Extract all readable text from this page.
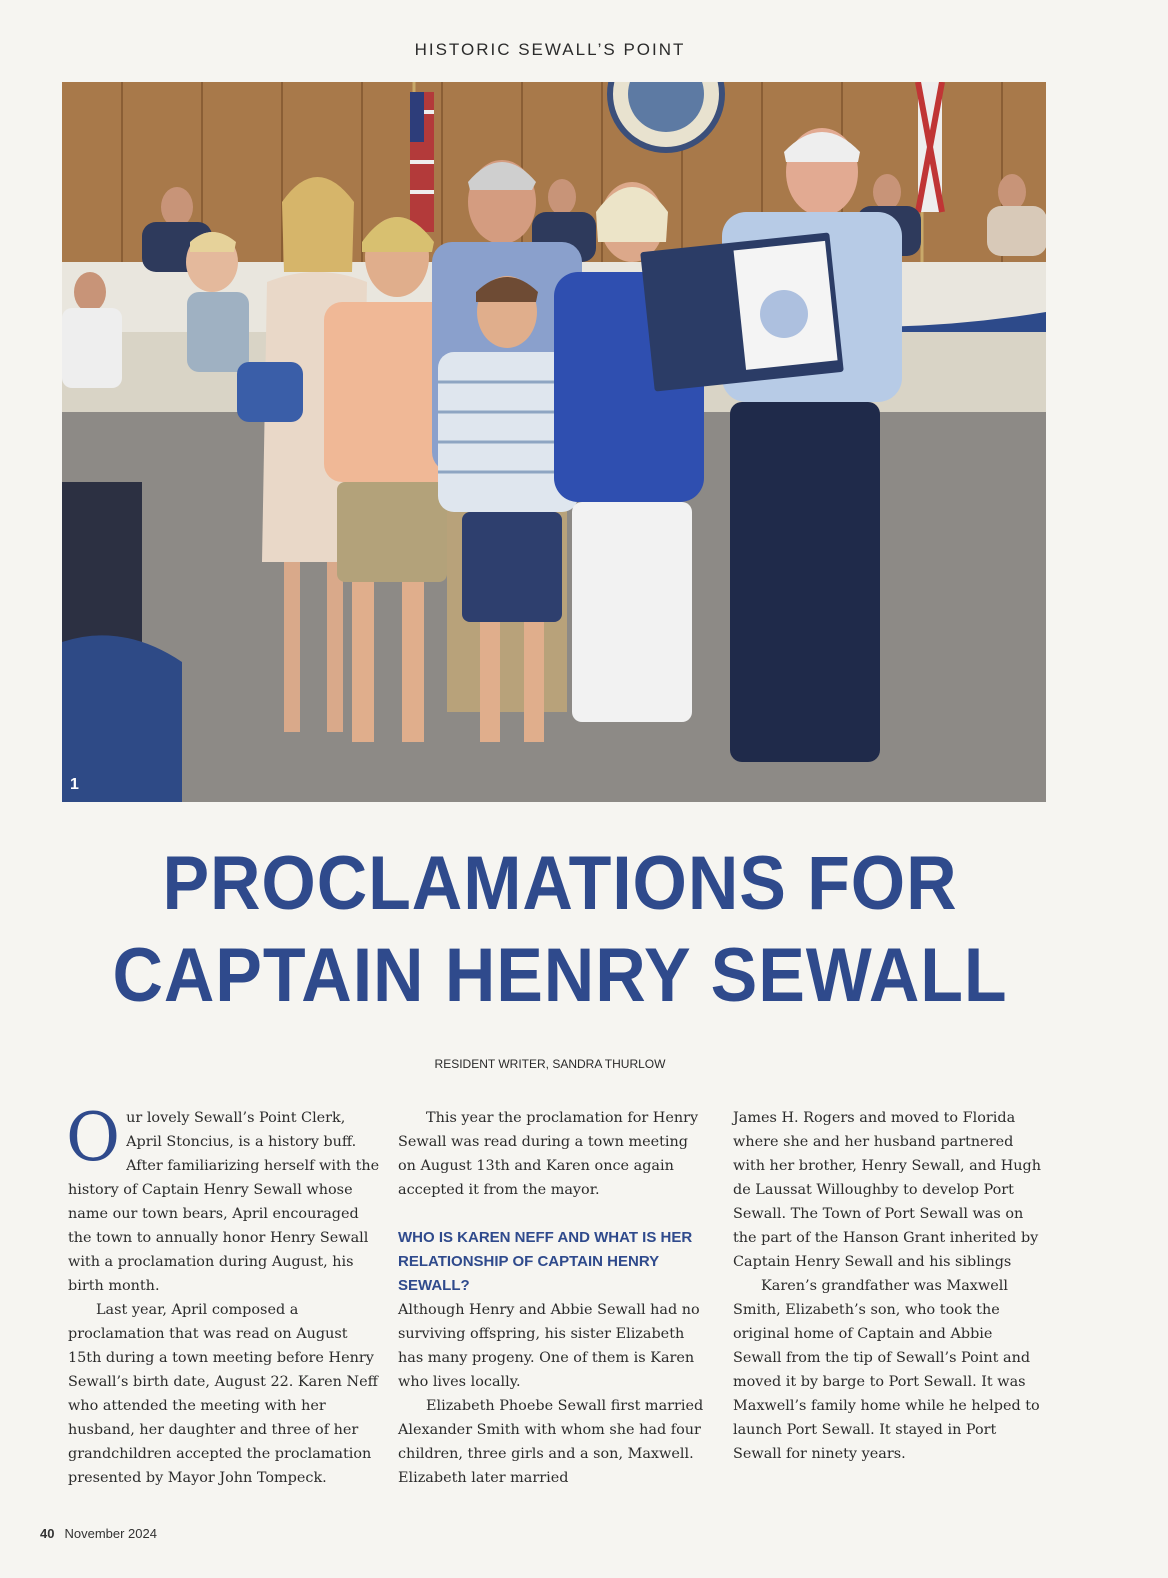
HISTORIC SEWALL’S POINT
1
PROCLAMATIONS FOR
CAPTAIN HENRY SEWALL
RESIDENT WRITER, SANDRA THURLOW

Our lovely Sewall’s Point Clerk, April Stoncius, is a history buff. After familiarizing herself with the history of Captain Henry Sewall whose name our town bears, April encouraged the town to annually honor Henry Sewall with a proclamation during August, his birth month.

Last year, April composed a proclamation that was read on August 15th during a town meeting before Henry Sewall’s birth date, August 22. Karen Neff who attended the meeting with her husband, her daughter and three of her grandchildren accepted the proclamation presented by Mayor John Tompeck.

This year the proclamation for Henry Sewall was read during a town meeting on August 13th and Karen once again accepted it from the mayor.

WHO IS KAREN NEFF AND WHAT IS HER RELATIONSHIP OF CAPTAIN HENRY SEWALL?

Although Henry and Abbie Sewall had no surviving offspring, his sister Elizabeth has many progeny. One of them is Karen who lives locally.

Elizabeth Phoebe Sewall first married Alexander Smith with whom she had four children, three girls and a son, Maxwell. Elizabeth later married

James H. Rogers and moved to Florida where she and her husband partnered with her brother, Henry Sewall, and Hugh de Laussat Willoughby to develop Port Sewall. The Town of Port Sewall was on the part of the Hanson Grant inherited by Captain Henry Sewall and his siblings

Karen’s grandfather was Maxwell Smith, Elizabeth’s son, who took the original home of Captain and Abbie Sewall from the tip of Sewall’s Point and moved it by barge to Port Sewall. It was Maxwell’s family home while he helped to launch Port Sewall. It stayed in Port Sewall for ninety years.

40 November 2024
